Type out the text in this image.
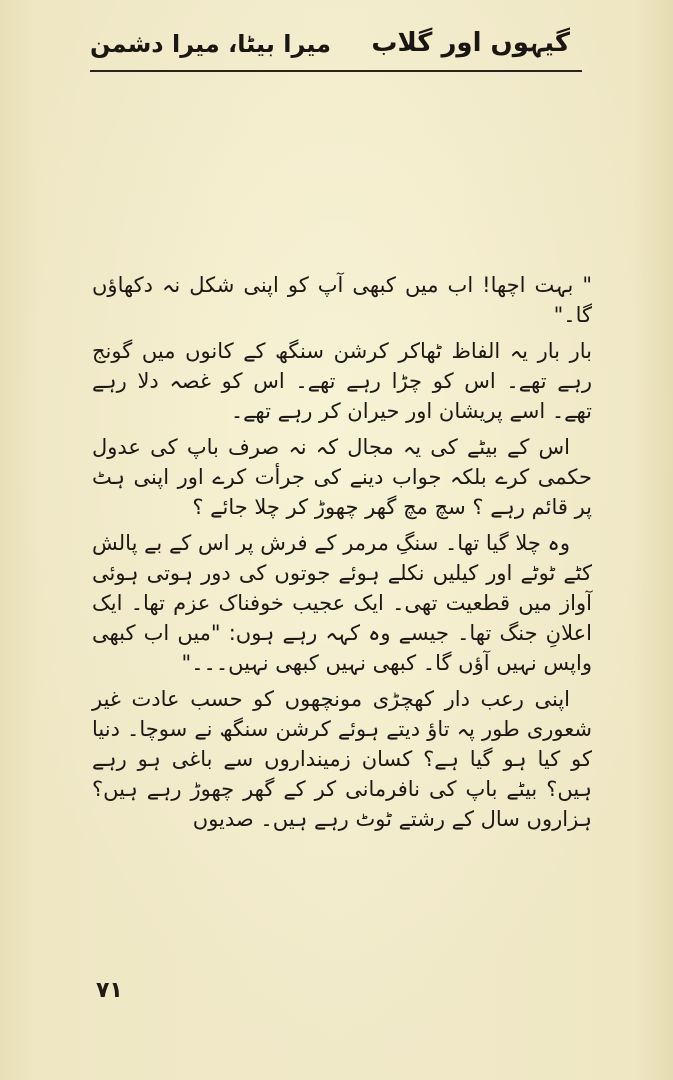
گیہوں اور گلاب
میرا بیٹا، میرا دشمن

" بہت اچھا! اب میں کبھی آپ کو اپنی شکل نہ دکھاؤں گا۔"

بار بار یہ الفاظ ٹھاکر کرشن سنگھ کے کانوں میں گونج رہے تھے۔ اس کو چڑا رہے تھے۔ اس کو غصہ دلا رہے تھے۔ اسے پریشان اور حیران کر رہے تھے۔

اس کے بیٹے کی یہ مجال کہ نہ صرف باپ کی عدول حکمی کرے بلکہ جواب دینے کی جرأت کرے اور اپنی ہٹ پر قائم رہے ؟ سچ مچ گھر چھوڑ کر چلا جائے ؟

وہ چلا گیا تھا۔ سنگِ مرمر کے فرش پر اس کے بے پالش کٹے ٹوٹے اور کیلیں نکلے ہوئے جوتوں کی دور ہوتی ہوئی آواز میں قطعیت تھی۔ ایک عجیب خوفناک عزم تھا۔ ایک اعلانِ جنگ تھا۔ جیسے وہ کہہ رہے ہوں: "میں اب کبھی واپس نہیں آؤں گا۔ کبھی نہیں کبھی نہیں۔۔۔"

اپنی رعب دار کھچڑی مونچھوں کو حسب عادت غیر شعوری طور پہ تاؤ دیتے ہوئے کرشن سنگھ نے سوچا۔ دنیا کو کیا ہو گیا ہے؟ کسان زمینداروں سے باغی ہو رہے ہیں؟ بیٹے باپ کی نافرمانی کر کے گھر چھوڑ رہے ہیں؟ ہزاروں سال کے رشتے ٹوٹ رہے ہیں۔ صدیوں

۷۱
